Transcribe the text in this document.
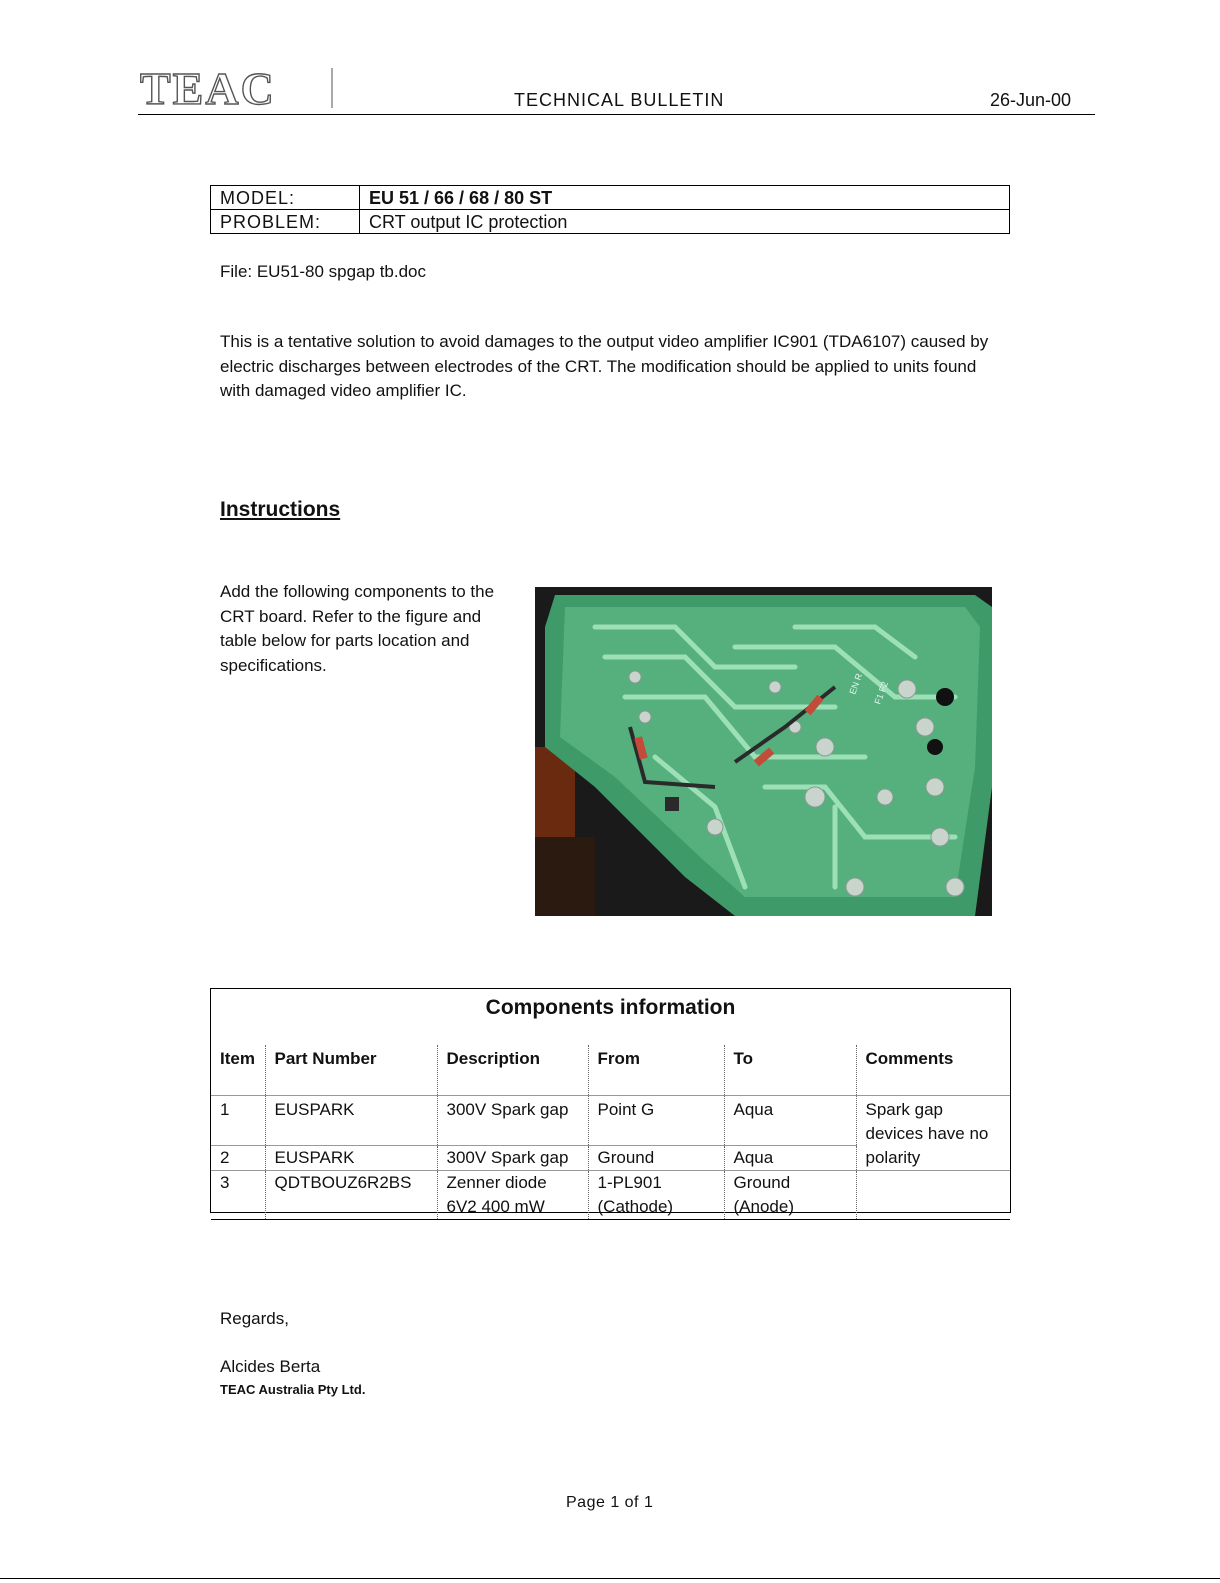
TEAC	TECHNICAL BULLETIN	26-Jun-00
MODEL:	EU 51 / 66 / 68 / 80 ST
PROBLEM:	CRT output IC protection
File: EU51-80 spgap tb.doc
This is a tentative solution to avoid damages to the output video amplifier IC901 (TDA6107) caused by electric discharges between electrodes of the CRT. The modification should be applied to units found with damaged video amplifier IC.
Instructions
Add the following components to the CRT board. Refer to the figure and table below for parts location and specifications.
EN R F1 F2
Components information
Item	Part Number	Description	From	To	Comments
1	EUSPARK	300V Spark gap	Point G	Aqua	Spark gap devices have no polarity
2	EUSPARK	300V Spark gap	Ground	Aqua	
3	QDTBOUZ6R2BS	Zenner diode 6V2 400 mW	1-PL901 (Cathode)	Ground (Anode)	
Regards,
Alcides Berta
TEAC Australia Pty Ltd.
Page 1 of 1
